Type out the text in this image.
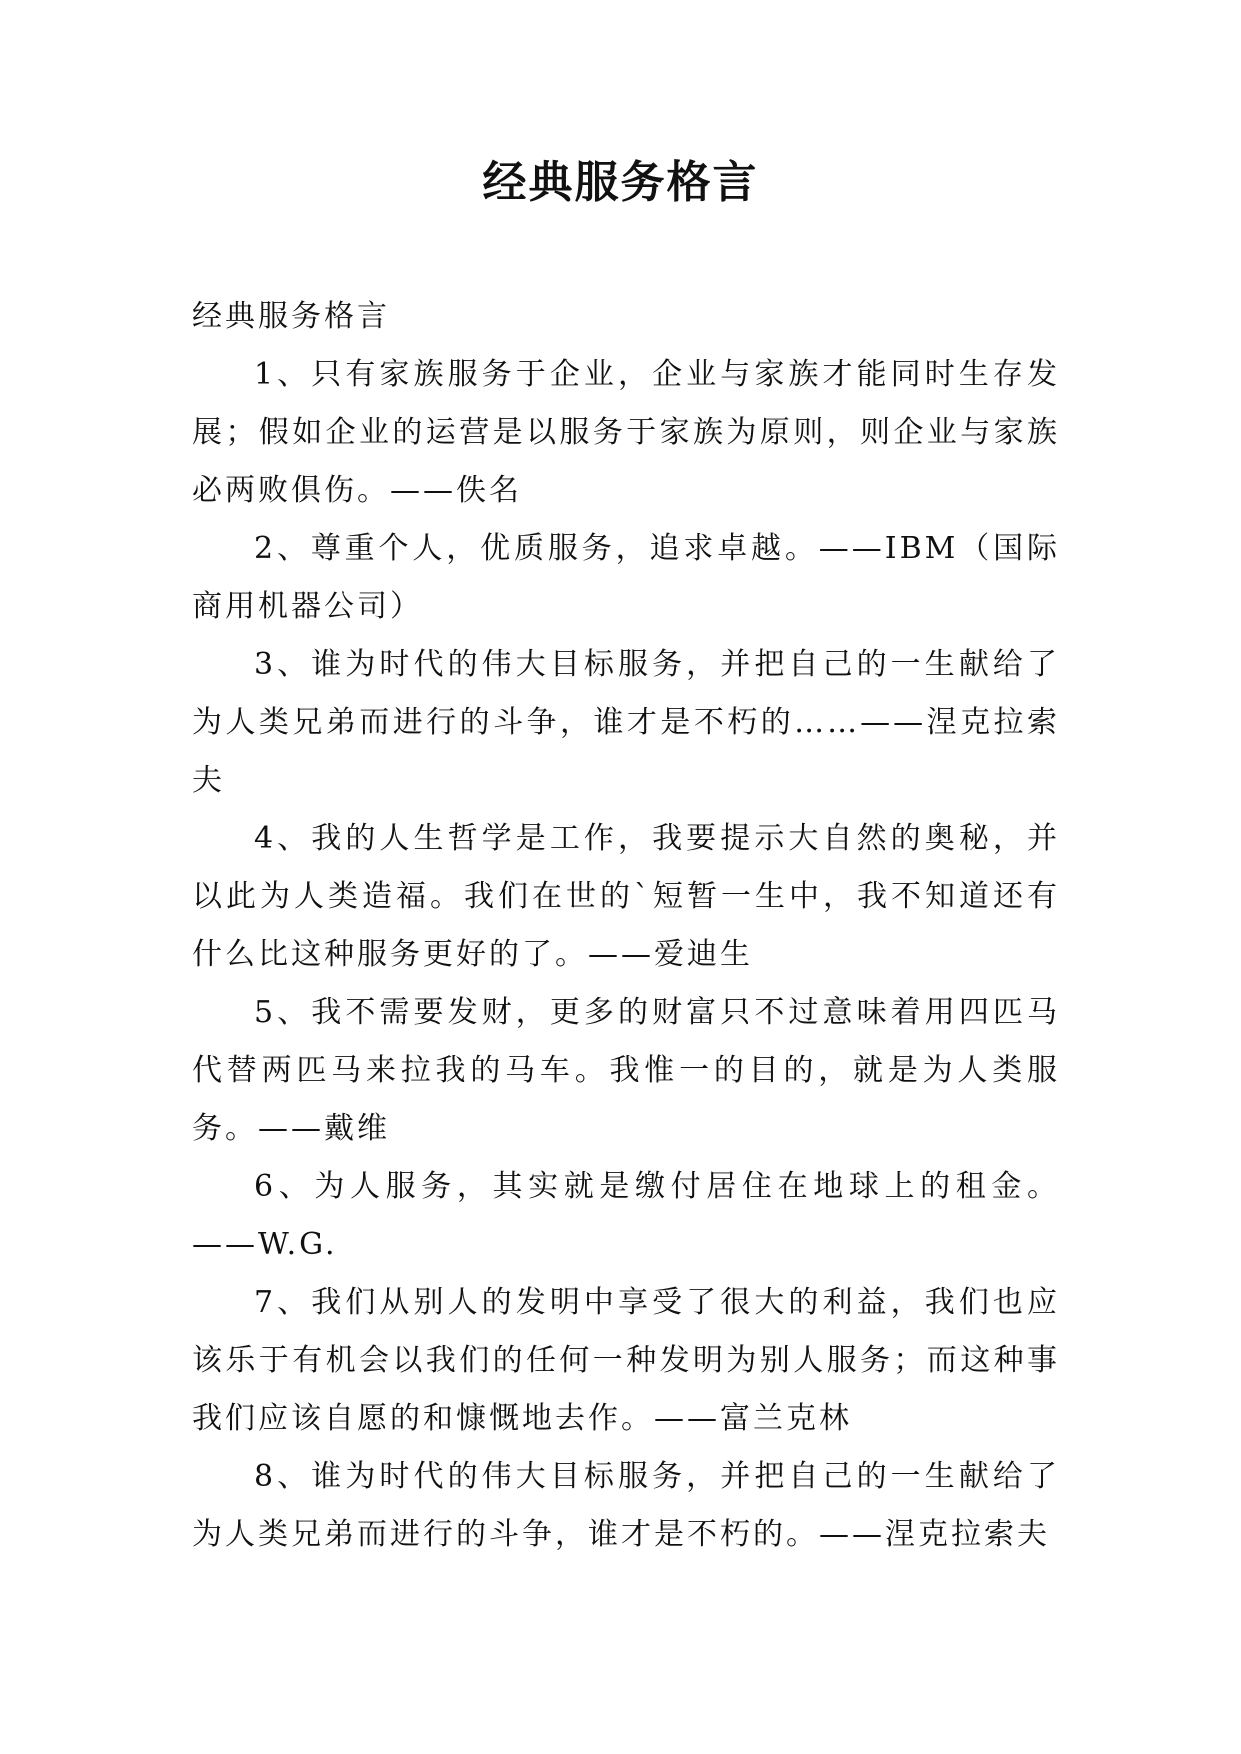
经典服务格言

经典服务格言

1、只有家族服务于企业，企业与家族才能同时生存发展；假如企业的运营是以服务于家族为原则，则企业与家族必两败俱伤。——佚名

2、尊重个人，优质服务，追求卓越。——IBM（国际商用机器公司）

3、谁为时代的伟大目标服务，并把自己的一生献给了为人类兄弟而进行的斗争，谁才是不朽的……——涅克拉索夫

4、我的人生哲学是工作，我要提示大自然的奥秘，并以此为人类造福。我们在世的`短暂一生中，我不知道还有什么比这种服务更好的了。——爱迪生

5、我不需要发财，更多的财富只不过意味着用四匹马代替两匹马来拉我的马车。我惟一的目的，就是为人类服务。——戴维

6、为人服务，其实就是缴付居住在地球上的租金。——W.G.

7、我们从别人的发明中享受了很大的利益，我们也应该乐于有机会以我们的任何一种发明为别人服务；而这种事我们应该自愿的和慷慨地去作。——富兰克林

8、谁为时代的伟大目标服务，并把自己的一生献给了为人类兄弟而进行的斗争，谁才是不朽的。——涅克拉索夫
